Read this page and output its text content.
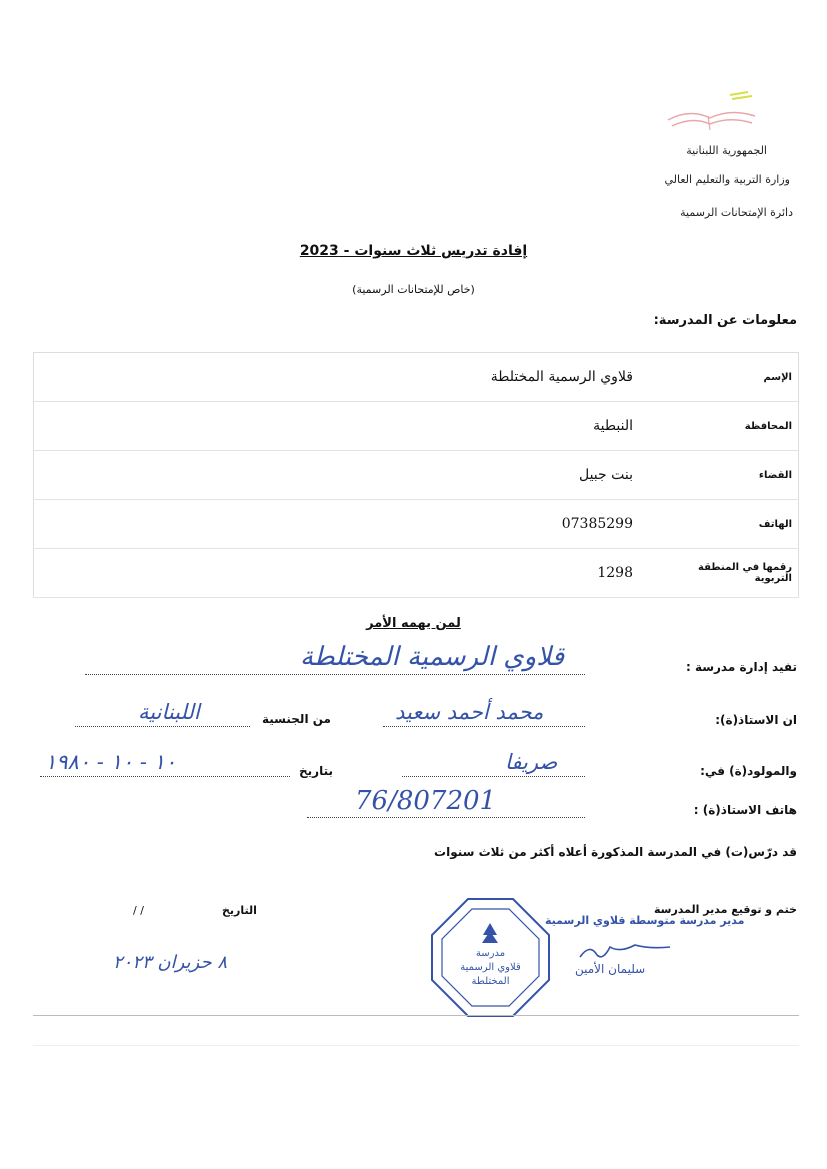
الجمهورية اللبنانية
وزارة التربية والتعليم العالي
دائرة الإمتحانات الرسمية
إفادة تدريس ثلاث سنوات - 2023
(خاص للإمتحانات الرسمية)
معلومات عن المدرسة:
الإسم	قلاوي الرسمية المختلطة
المحافظة	النبطية
القضاء	بنت جبيل
الهاتف	07385299
رقمها في المنطقة التربوية	1298
لمن يهمه الأمر
تفيد إدارة مدرسة :
قلاوي الرسمية المختلطة
ان الاستاذ(ة):
محمد أحمد سعيد
من الجنسية
اللبنانية
والمولود(ة) في:
صريفا
بتاريخ
١٠ - ١٠ - ١٩٨٠
هاتف الاستاذ(ة) :
76/807201
قد درّس(ت) في المدرسة المذكورة أعلاه أكثر من ثلاث سنوات
ختم و توقيع مدير المدرسة
التاريخ
/ /
٨ حزيران ٢٠٢٣
مدير مدرسة متوسطة قلاوي الرسمية
سليمان الأمين
مدرسة
قلاوي الرسمية
المختلطة
